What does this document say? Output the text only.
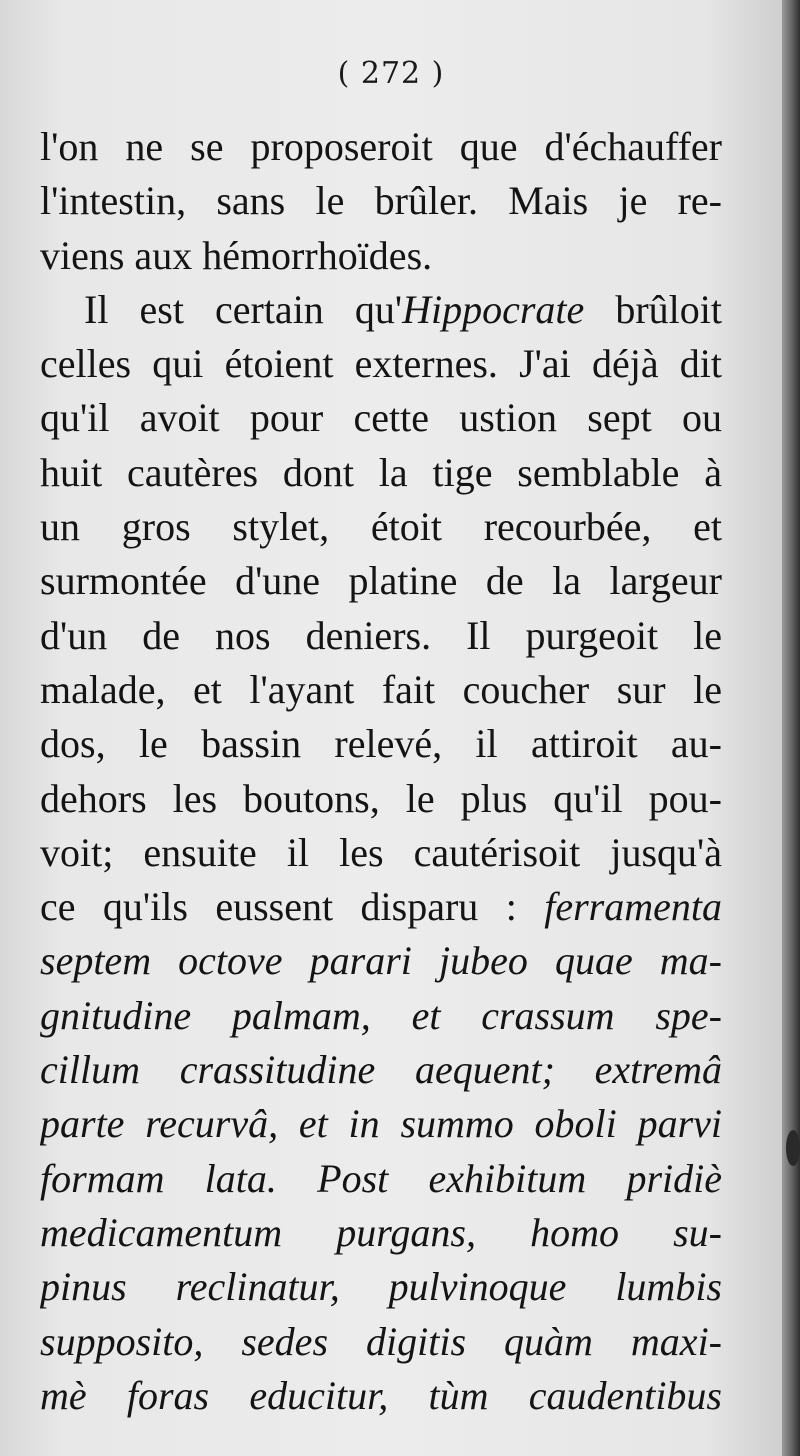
( 272 )
l'on ne se proposeroit que d'échauffer
l'intestin, sans le brûler. Mais je re-
viens aux hémorrhoïdes.
Il est certain qu'Hippocrate brûloit
celles qui étoient externes. J'ai déjà dit
qu'il avoit pour cette ustion sept ou
huit cautères dont la tige semblable à
un gros stylet, étoit recourbée, et
surmontée d'une platine de la largeur
d'un de nos deniers. Il purgeoit le
malade, et l'ayant fait coucher sur le
dos, le bassin relevé, il attiroit au-
dehors les boutons, le plus qu'il pou-
voit; ensuite il les cautérisoit jusqu'à
ce qu'ils eussent disparu : ferramenta
septem octove parari jubeo quae ma-
gnitudine palmam, et crassum spe-
cillum crassitudine aequent; extremâ
parte recurvâ, et in summo oboli parvi
formam lata. Post exhibitum pridiè
medicamentum purgans, homo su-
pinus reclinatur, pulvinoque lumbis
supposito, sedes digitis quàm maxi-
mè foras educitur, tùm caudentibus
